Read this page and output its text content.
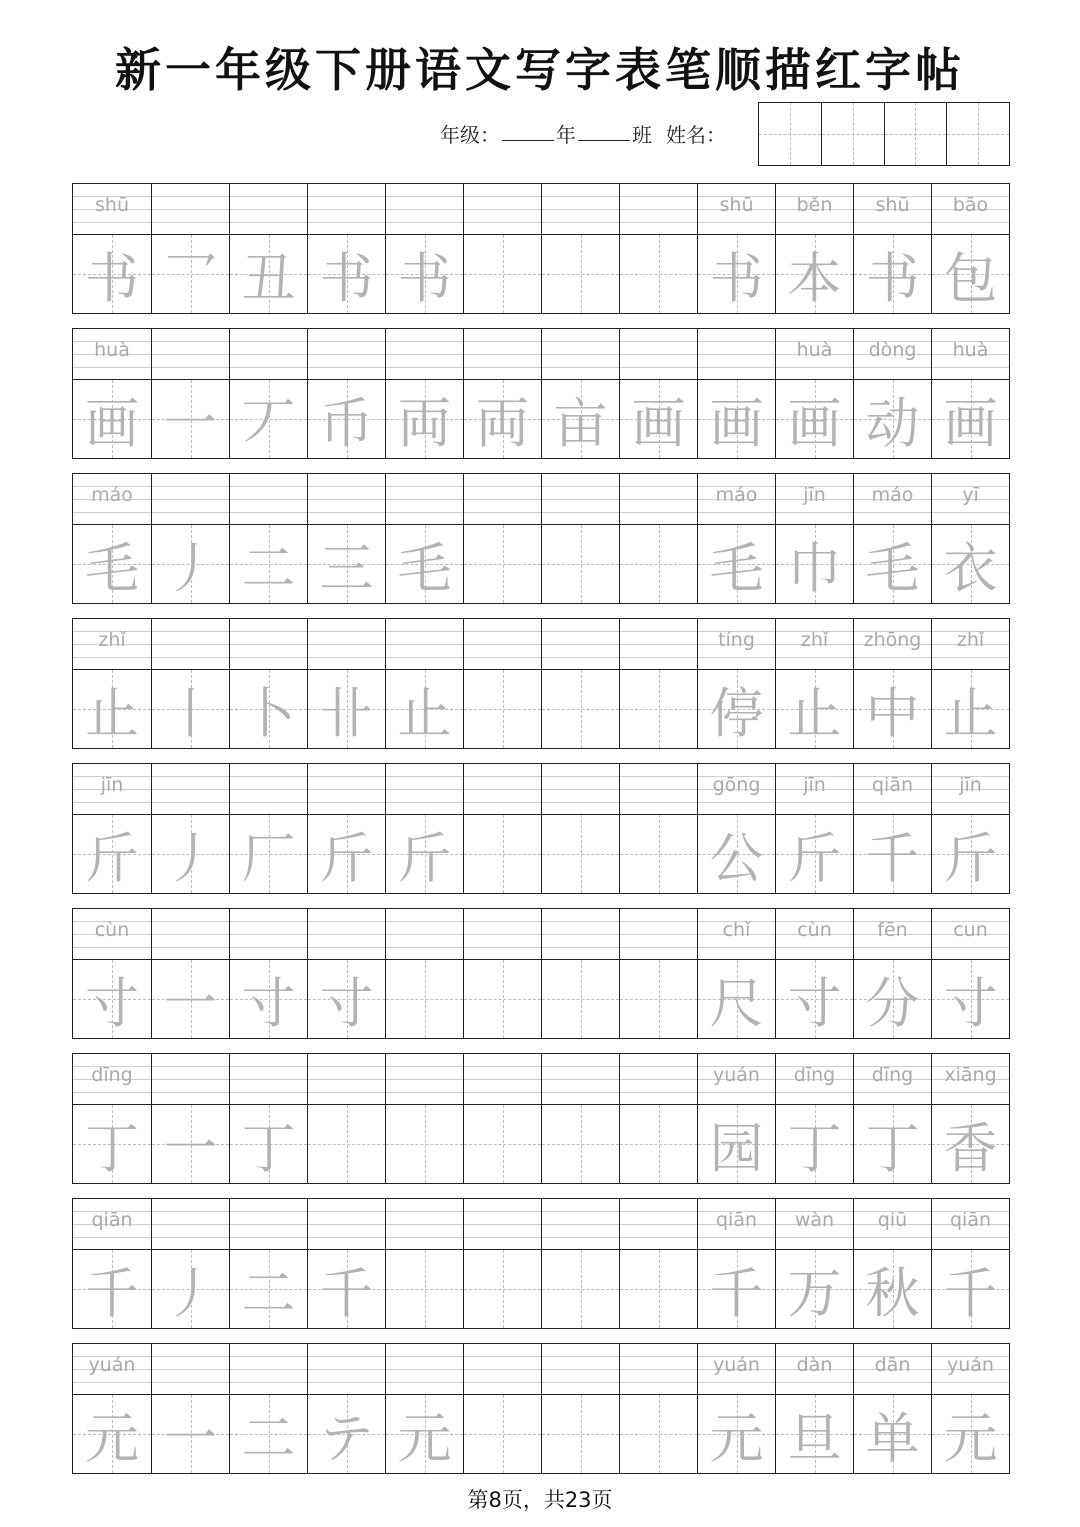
新一年级下册语文写字表笔顺描红字帖
年级：	年	班 姓名：
shū
书 乛 丑 书 书
shū
书
běn
本
shū
书
bāo
包
huà
画 一 丆 币 両 両 亩 画 画
huà
画
dòng
动
huà
画
máo
毛 丿 二 三 毛
máo
毛
jīn
巾
máo
毛
yī
衣
zhǐ
止 丨 卜 卝 止
tíng
停
zhǐ
止
zhōng
中
zhǐ
止
jīn
斤 丿 厂 斤 斤
gōng
公
jīn
斤
qiān
千
jīn
斤
cùn
寸 一 寸 寸
chǐ
尺
cùn
寸
fēn
分
cun
寸
dīng
丁 一 丁
yuán
园
dīng
丁
dīng
丁
xiāng
香
qiān
千 丿 二 千
qiān
千
wàn
万
qiū
秋
qiān
千
yuán
元 一 二 テ 元
yuán
元
dàn
旦
dān
单
yuán
元
第8页，共23页
